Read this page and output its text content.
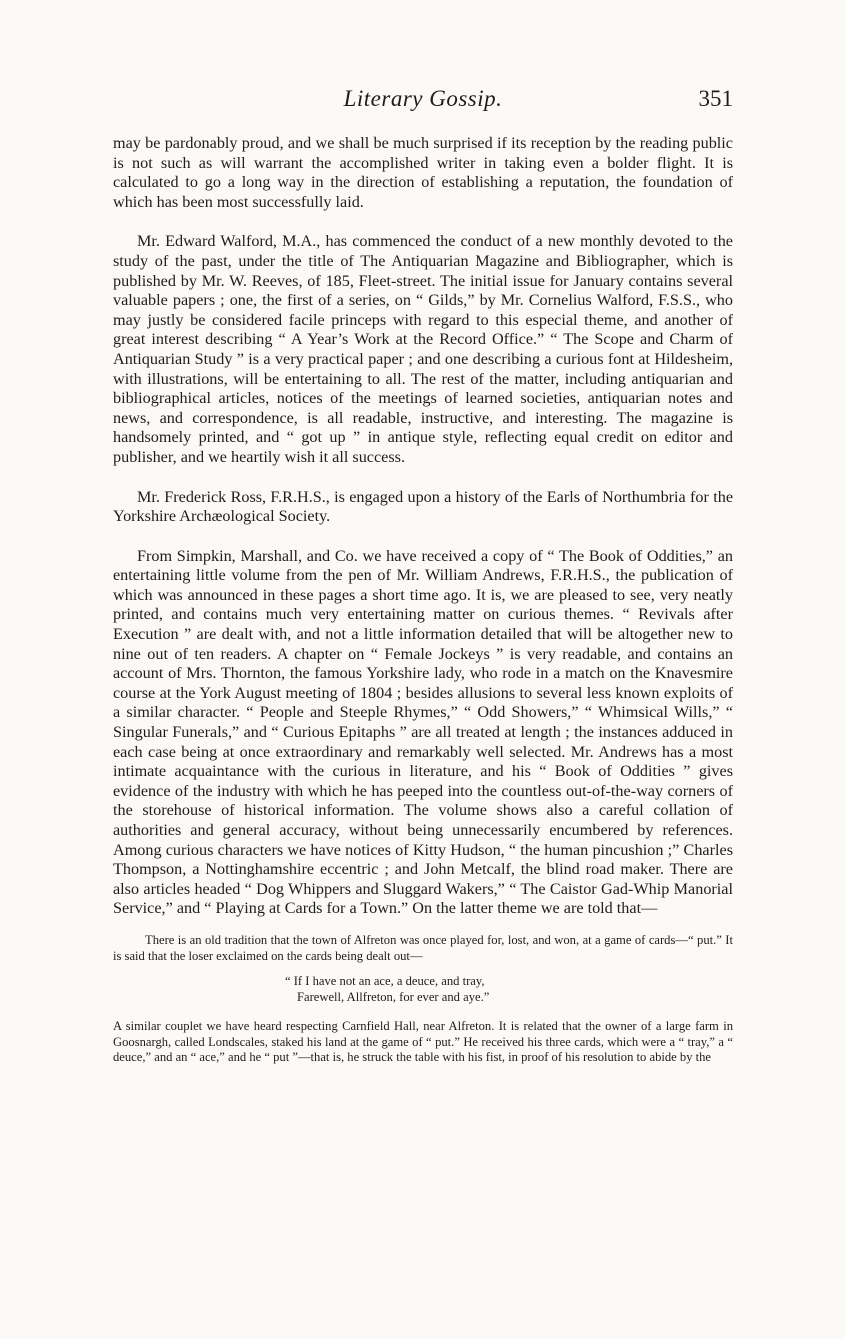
Literary Gossip.	351

may be pardonably proud, and we shall be much surprised if its reception by the reading public is not such as will warrant the accomplished writer in taking even a bolder flight. It is calculated to go a long way in the direction of establishing a reputation, the foundation of which has been most successfully laid.

Mr. Edward Walford, M.A., has commenced the conduct of a new monthly devoted to the study of the past, under the title of The Antiquarian Magazine and Bibliographer, which is published by Mr. W. Reeves, of 185, Fleet-street. The initial issue for January contains several valuable papers ; one, the first of a series, on “ Gilds,” by Mr. Cornelius Walford, F.S.S., who may justly be considered facile princeps with regard to this especial theme, and another of great interest describing “ A Year’s Work at the Record Office.” “ The Scope and Charm of Antiquarian Study ” is a very practical paper ; and one describing a curious font at Hildesheim, with illustrations, will be entertaining to all. The rest of the matter, including antiquarian and bibliographical articles, notices of the meetings of learned societies, antiquarian notes and news, and correspondence, is all readable, instructive, and interesting. The magazine is handsomely printed, and “ got up ” in antique style, reflecting equal credit on editor and publisher, and we heartily wish it all success.

Mr. Frederick Ross, F.R.H.S., is engaged upon a history of the Earls of Northumbria for the Yorkshire Archæological Society.

From Simpkin, Marshall, and Co. we have received a copy of “ The Book of Oddities,” an entertaining little volume from the pen of Mr. William Andrews, F.R.H.S., the publication of which was announced in these pages a short time ago. It is, we are pleased to see, very neatly printed, and contains much very entertaining matter on curious themes. “ Revivals after Execution ” are dealt with, and not a little information detailed that will be altogether new to nine out of ten readers. A chapter on “ Female Jockeys ” is very readable, and contains an account of Mrs. Thornton, the famous Yorkshire lady, who rode in a match on the Knavesmire course at the York August meeting of 1804 ; besides allusions to several less known exploits of a similar character. “ People and Steeple Rhymes,” “ Odd Showers,” “ Whimsical Wills,” “ Singular Funerals,” and “ Curious Epitaphs ” are all treated at length ; the instances adduced in each case being at once extraordinary and remarkably well selected. Mr. Andrews has a most intimate acquaintance with the curious in literature, and his “ Book of Oddities ” gives evidence of the industry with which he has peeped into the countless out-of-the-way corners of the storehouse of historical information. The volume shows also a careful collation of authorities and general accuracy, without being unnecessarily encumbered by references. Among curious characters we have notices of Kitty Hudson, “ the human pincushion ;” Charles Thompson, a Nottinghamshire eccentric ; and John Metcalf, the blind road maker. There are also articles headed “ Dog Whippers and Sluggard Wakers,” “ The Caistor Gad-Whip Manorial Service,” and “ Playing at Cards for a Town.” On the latter theme we are told that—

There is an old tradition that the town of Alfreton was once played for, lost, and won, at a game of cards—“ put.” It is said that the loser exclaimed on the cards being dealt out—

“ If I have not an ace, a deuce, and tray,
Farewell, Allfreton, for ever and aye.”

A similar couplet we have heard respecting Carnfield Hall, near Alfreton. It is related that the owner of a large farm in Goosnargh, called Londscales, staked his land at the game of “ put.” He received his three cards, which were a “ tray,” a “ deuce,” and an “ ace,” and he “ put ”—that is, he struck the table with his fist, in proof of his resolution to abide by the
